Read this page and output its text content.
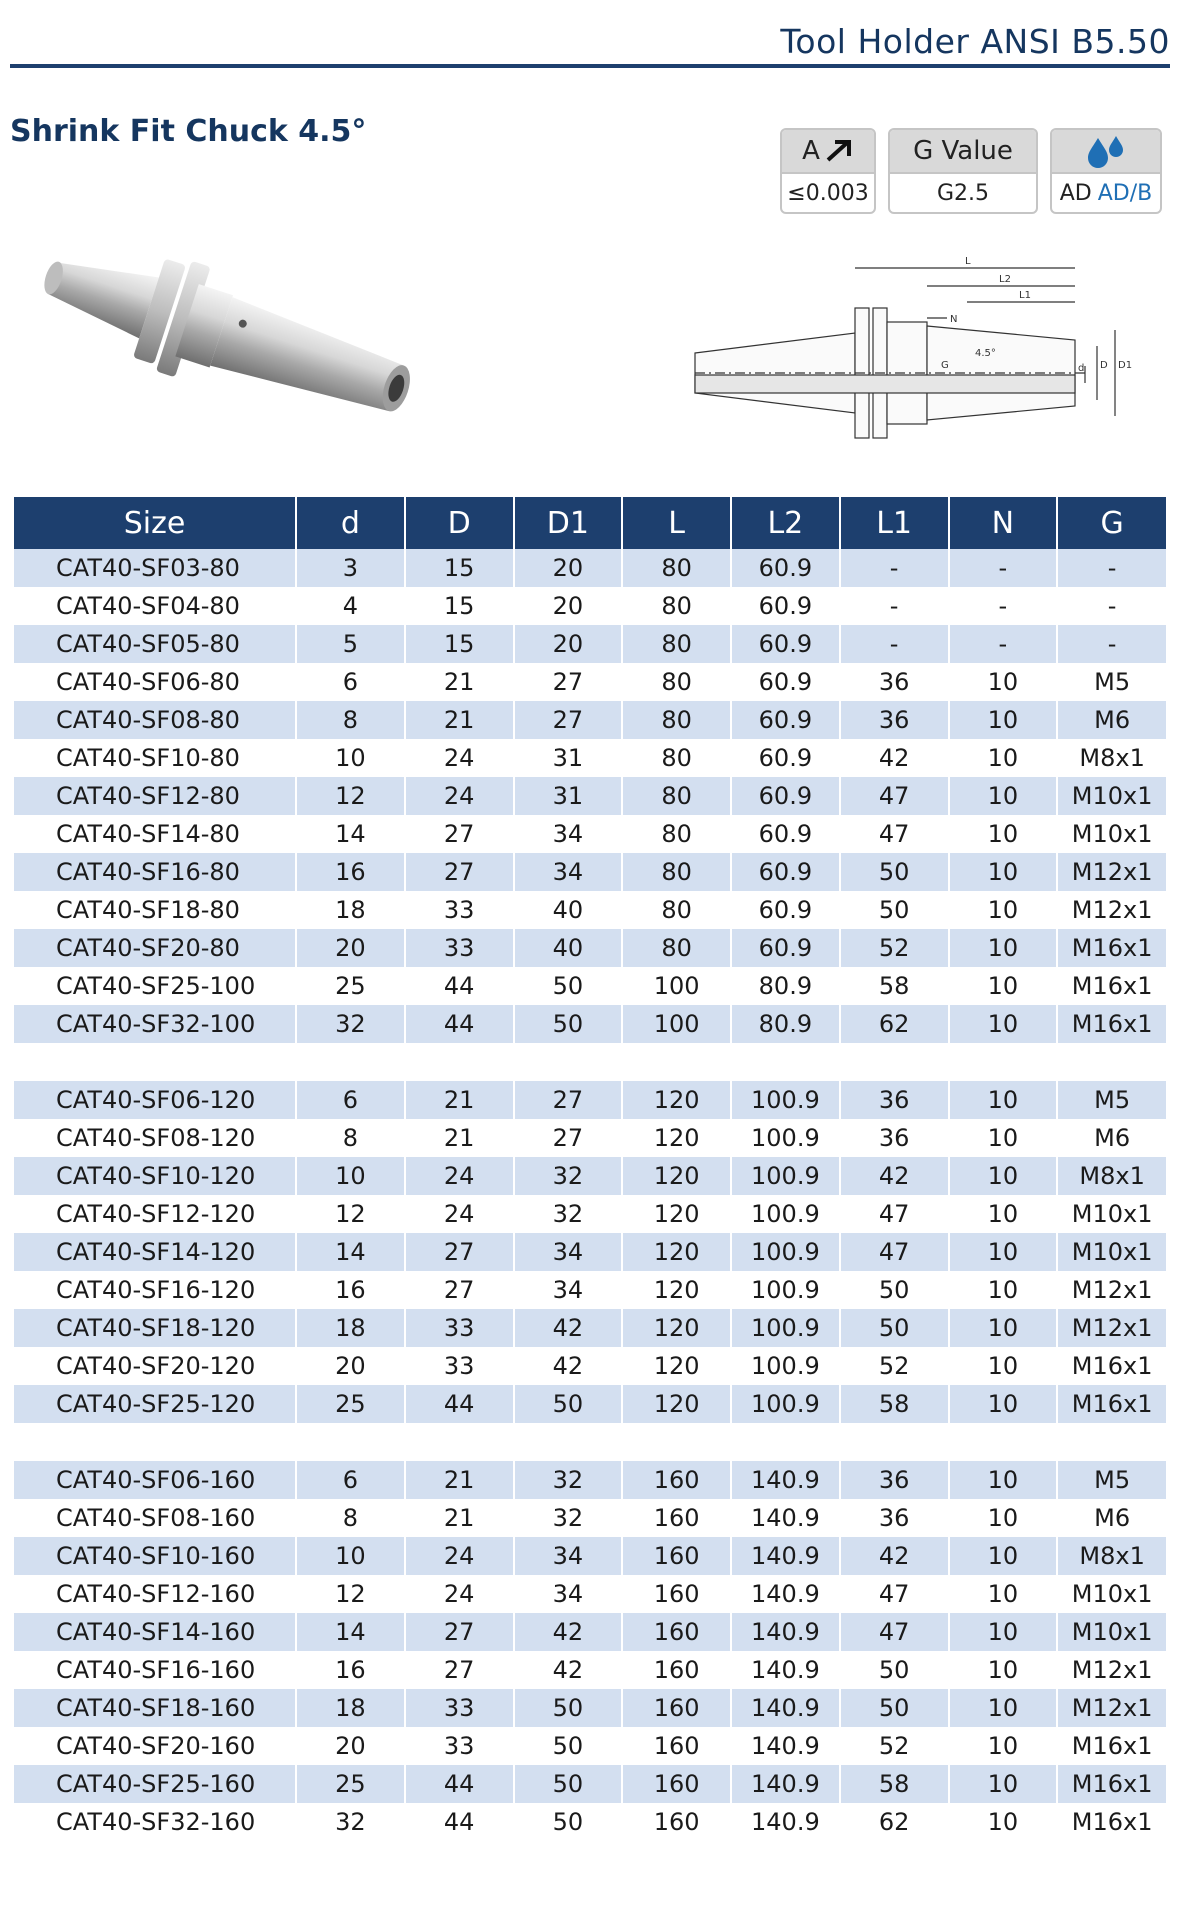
Tool Holder ANSI B5.50
Shrink Fit Chuck 4.5°
A
≤0.003
G Value
G2.5	AD AD/B
L
L2
L1
N
G
4.5°
d D D1
Size	d	D	D1	L	L2	L1	N	G
CAT40-SF03-80	3	15	20	80	60.9	-	-	-
CAT40-SF04-80	4	15	20	80	60.9	-	-	-
CAT40-SF05-80	5	15	20	80	60.9	-	-	-
CAT40-SF06-80	6	21	27	80	60.9	36	10	M5
CAT40-SF08-80	8	21	27	80	60.9	36	10	M6
CAT40-SF10-80	10	24	31	80	60.9	42	10	M8x1
CAT40-SF12-80	12	24	31	80	60.9	47	10	M10x1
CAT40-SF14-80	14	27	34	80	60.9	47	10	M10x1
CAT40-SF16-80	16	27	34	80	60.9	50	10	M12x1
CAT40-SF18-80	18	33	40	80	60.9	50	10	M12x1
CAT40-SF20-80	20	33	40	80	60.9	52	10	M16x1
CAT40-SF25-100	25	44	50	100	80.9	58	10	M16x1
CAT40-SF32-100	32	44	50	100	80.9	62	10	M16x1

CAT40-SF06-120	6	21	27	120	100.9	36	10	M5
CAT40-SF08-120	8	21	27	120	100.9	36	10	M6
CAT40-SF10-120	10	24	32	120	100.9	42	10	M8x1
CAT40-SF12-120	12	24	32	120	100.9	47	10	M10x1
CAT40-SF14-120	14	27	34	120	100.9	47	10	M10x1
CAT40-SF16-120	16	27	34	120	100.9	50	10	M12x1
CAT40-SF18-120	18	33	42	120	100.9	50	10	M12x1
CAT40-SF20-120	20	33	42	120	100.9	52	10	M16x1
CAT40-SF25-120	25	44	50	120	100.9	58	10	M16x1

CAT40-SF06-160	6	21	32	160	140.9	36	10	M5
CAT40-SF08-160	8	21	32	160	140.9	36	10	M6
CAT40-SF10-160	10	24	34	160	140.9	42	10	M8x1
CAT40-SF12-160	12	24	34	160	140.9	47	10	M10x1
CAT40-SF14-160	14	27	42	160	140.9	47	10	M10x1
CAT40-SF16-160	16	27	42	160	140.9	50	10	M12x1
CAT40-SF18-160	18	33	50	160	140.9	50	10	M12x1
CAT40-SF20-160	20	33	50	160	140.9	52	10	M16x1
CAT40-SF25-160	25	44	50	160	140.9	58	10	M16x1
CAT40-SF32-160	32	44	50	160	140.9	62	10	M16x1
